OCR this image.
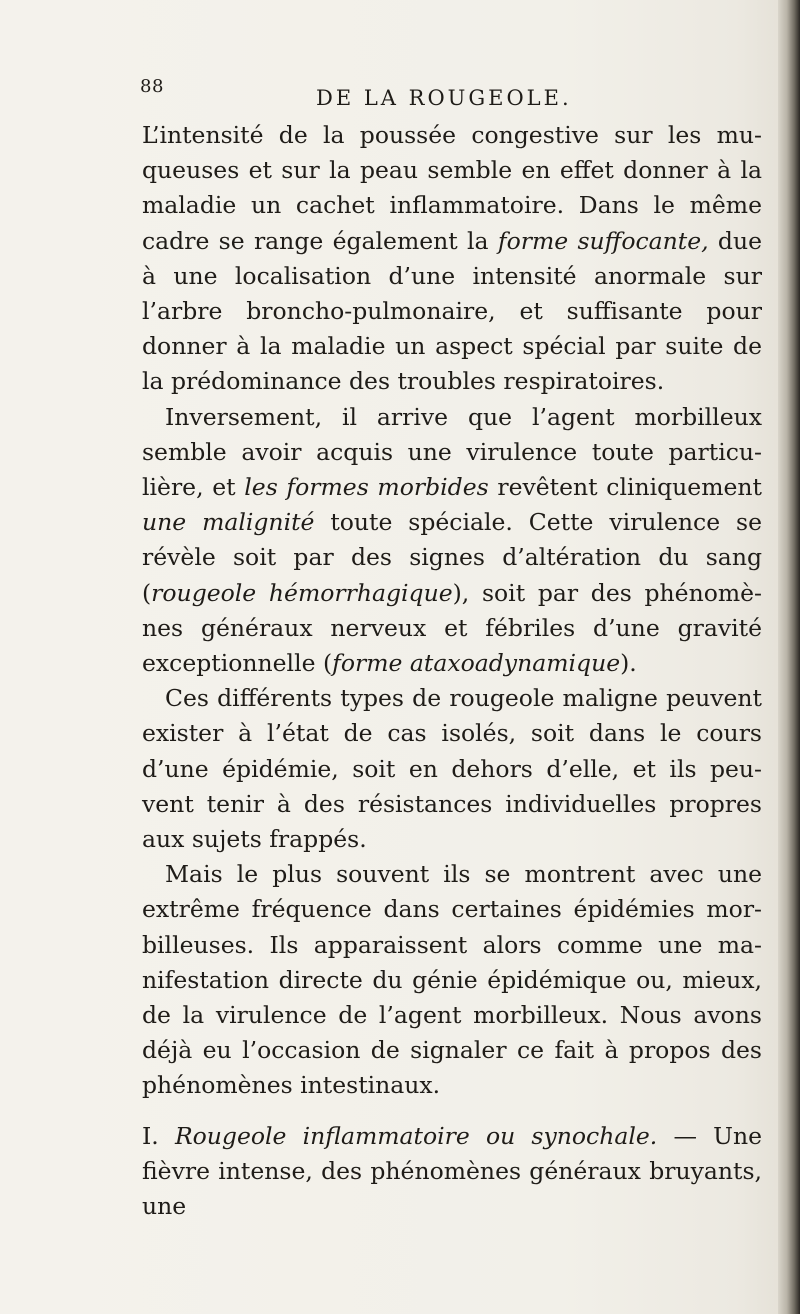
88	DE LA ROUGEOLE.

L’intensité de la poussée congestive sur les mu-queuses et sur la peau semble en effet donner à la maladie un cachet inflammatoire. Dans le même cadre se range également la forme suffocante, due à une localisation d’une intensité anormale sur l’arbre broncho-pulmonaire, et suffisante pour donner à la maladie un aspect spécial par suite de la prédominance des troubles respiratoires.

Inversement, il arrive que l’agent morbilleux semble avoir acquis une virulence toute particu-lière, et les formes morbides revêtent cliniquement une malignité toute spéciale. Cette virulence se révèle soit par des signes d’altération du sang (rougeole hémorrhagique), soit par des phénomè-nes généraux nerveux et fébriles d’une gravité exceptionnelle (forme ataxoadynamique).

Ces différents types de rougeole maligne peuvent exister à l’état de cas isolés, soit dans le cours d’une épidémie, soit en dehors d’elle, et ils peu-vent tenir à des résistances individuelles propres aux sujets frappés.

Mais le plus souvent ils se montrent avec une extrême fréquence dans certaines épidémies mor-billeuses. Ils apparaissent alors comme une ma-nifestation directe du génie épidémique ou, mieux, de la virulence de l’agent morbilleux. Nous avons déjà eu l’occasion de signaler ce fait à propos des phénomènes intestinaux.

I. Rougeole inflammatoire ou synochale. — Une fièvre intense, des phénomènes généraux bruyants, une
